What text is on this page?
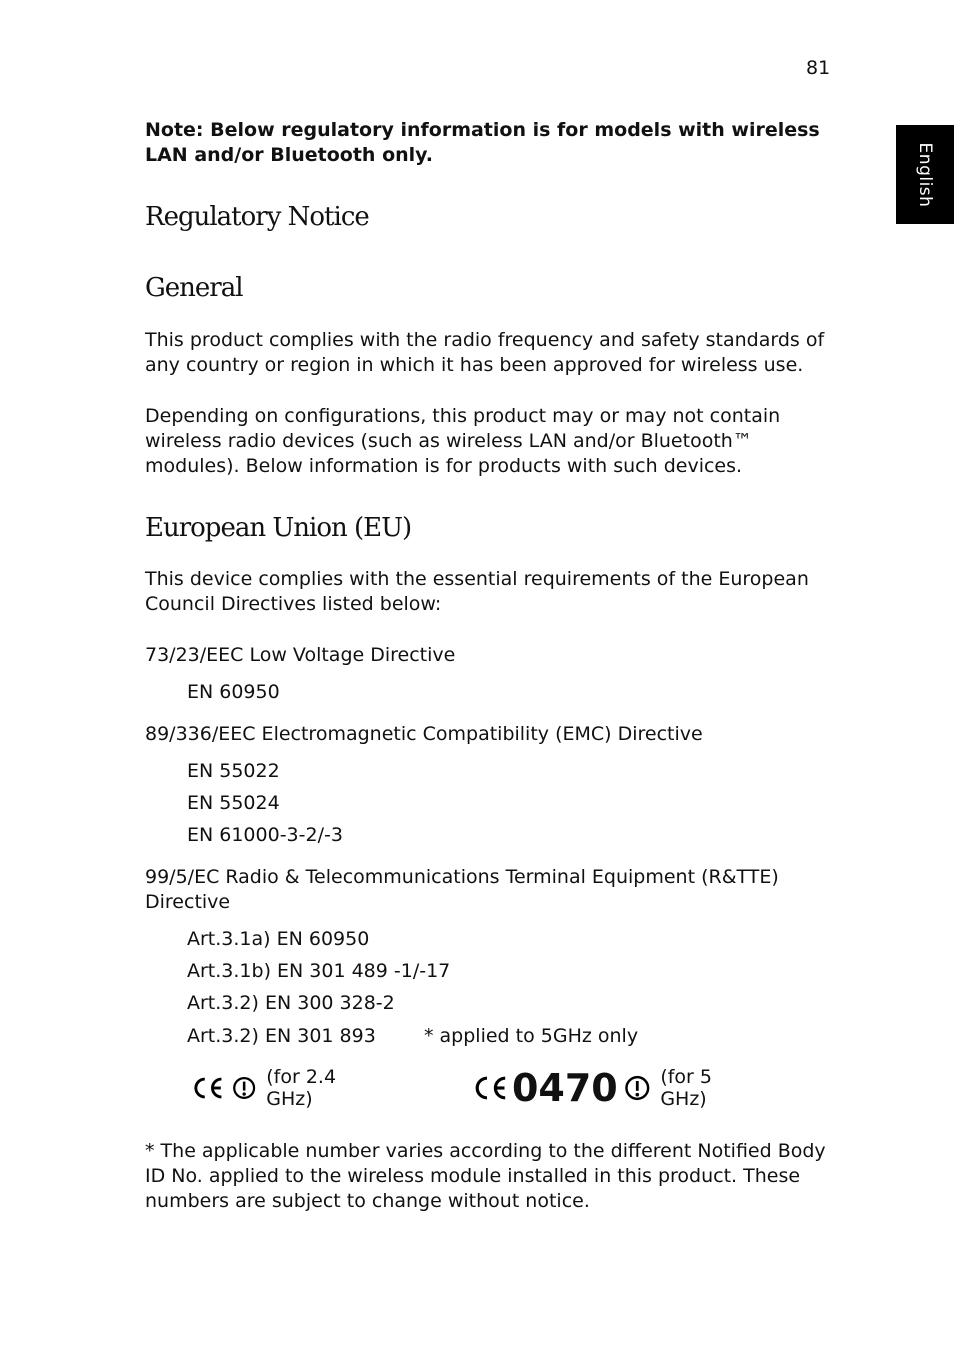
81
English
Note: Below regulatory information is for models with wireless LAN and/or Bluetooth only.
Regulatory Notice
General
This product complies with the radio frequency and safety standards of any country or region in which it has been approved for wireless use.
Depending on configurations, this product may or may not contain wireless radio devices (such as wireless LAN and/or Bluetooth™ modules). Below information is for products with such devices.
European Union (EU)
This device complies with the essential requirements of the European Council Directives listed below:
73/23/EEC Low Voltage Directive
EN 60950
89/336/EEC Electromagnetic Compatibility (EMC) Directive
EN 55022
EN 55024
EN 61000-3-2/-3
99/5/EC Radio & Telecommunications Terminal Equipment (R&TTE) Directive
Art.3.1a) EN 60950
Art.3.1b) EN 301 489 -1/-17
Art.3.2) EN 300 328-2
Art.3.2) EN 301 893	* applied to 5GHz only
(for 2.4 GHz)	0470 (for 5 GHz)
* The applicable number varies according to the different Notified Body ID No. applied to the wireless module installed in this product. These numbers are subject to change without notice.
